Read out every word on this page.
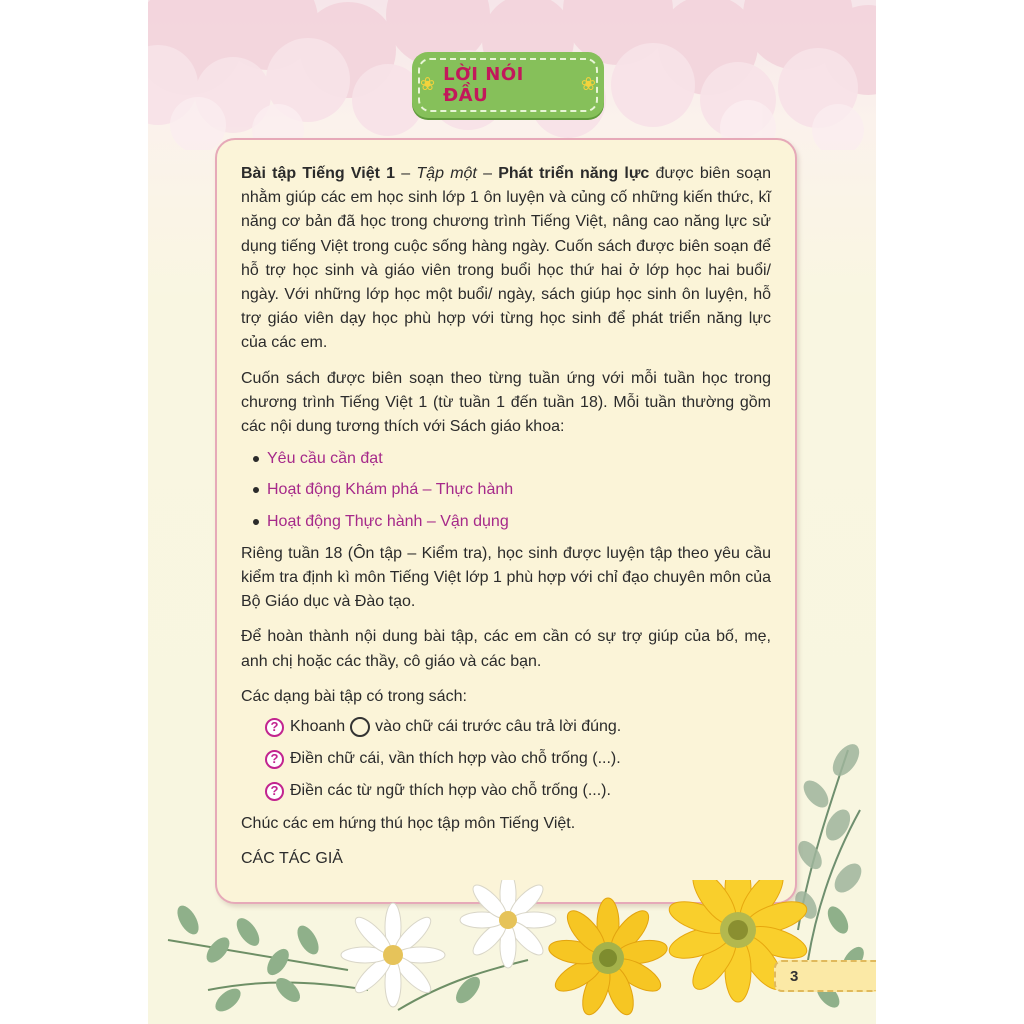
❀ LỜI NÓI ĐẦU
❀

Bài tập Tiếng Việt 1 – Tập một – Phát triển năng lực được biên soạn nhằm giúp các em học sinh lớp 1 ôn luyện và củng cố những kiến thức, kĩ năng cơ bản đã học trong chương trình Tiếng Việt, nâng cao năng lực sử dụng tiếng Việt trong cuộc sống hàng ngày. Cuốn sách được biên soạn để hỗ trợ học sinh và giáo viên trong buổi học thứ hai ở lớp học hai buổi/ ngày. Với những lớp học một buổi/ ngày, sách giúp học sinh ôn luyện, hỗ trợ giáo viên dạy học phù hợp với từng học sinh để phát triển năng lực của các em.

Cuốn sách được biên soạn theo từng tuần ứng với mỗi tuần học trong chương trình Tiếng Việt 1 (từ tuần 1 đến tuần 18). Mỗi tuần thường gồm các nội dung tương thích với Sách giáo khoa:

Yêu cầu cần đạt
Hoạt động Khám phá – Thực hành
Hoạt động Thực hành – Vận dụng

Riêng tuần 18 (Ôn tập – Kiểm tra), học sinh được luyện tập theo yêu cầu kiểm tra định kì môn Tiếng Việt lớp 1 phù hợp với chỉ đạo chuyên môn của Bộ Giáo dục và Đào tạo.

Để hoàn thành nội dung bài tập, các em cần có sự trợ giúp của bố, mẹ, anh chị hoặc các thầy, cô giáo và các bạn.

Các dạng bài tập có trong sách:

? Khoanh vào chữ cái trước câu trả lời đúng.
? Điền chữ cái, vần thích hợp vào chỗ trống (...).
? Điền các từ ngữ thích hợp vào chỗ trống (...).

Chúc các em hứng thú học tập môn Tiếng Việt.

CÁC TÁC GIẢ

3
